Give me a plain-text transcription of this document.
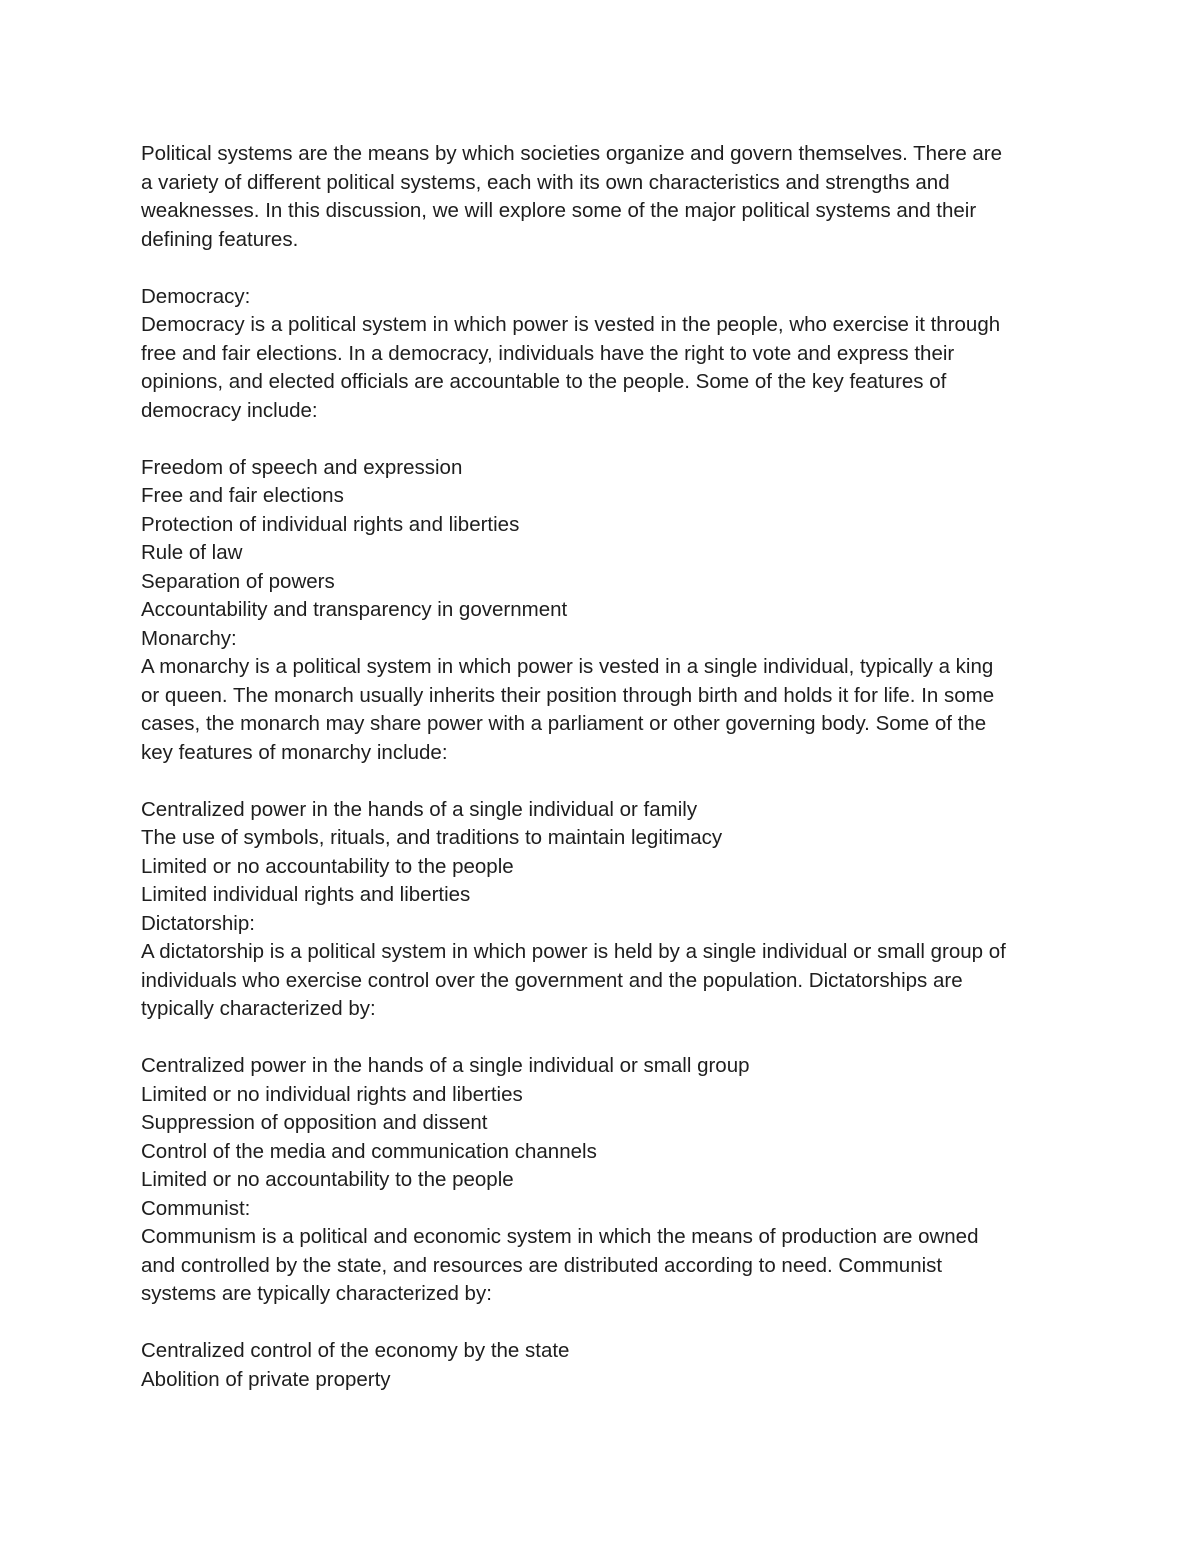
Political systems are the means by which societies organize and govern themselves. There are
a variety of different political systems, each with its own characteristics and strengths and
weaknesses. In this discussion, we will explore some of the major political systems and their
defining features.
Democracy:
Democracy is a political system in which power is vested in the people, who exercise it through
free and fair elections. In a democracy, individuals have the right to vote and express their
opinions, and elected officials are accountable to the people. Some of the key features of
democracy include:
Freedom of speech and expression
Free and fair elections
Protection of individual rights and liberties
Rule of law
Separation of powers
Accountability and transparency in government
Monarchy:
A monarchy is a political system in which power is vested in a single individual, typically a king
or queen. The monarch usually inherits their position through birth and holds it for life. In some
cases, the monarch may share power with a parliament or other governing body. Some of the
key features of monarchy include:
Centralized power in the hands of a single individual or family
The use of symbols, rituals, and traditions to maintain legitimacy
Limited or no accountability to the people
Limited individual rights and liberties
Dictatorship:
A dictatorship is a political system in which power is held by a single individual or small group of
individuals who exercise control over the government and the population. Dictatorships are
typically characterized by:
Centralized power in the hands of a single individual or small group
Limited or no individual rights and liberties
Suppression of opposition and dissent
Control of the media and communication channels
Limited or no accountability to the people
Communist:
Communism is a political and economic system in which the means of production are owned
and controlled by the state, and resources are distributed according to need. Communist
systems are typically characterized by:
Centralized control of the economy by the state
Abolition of private property
